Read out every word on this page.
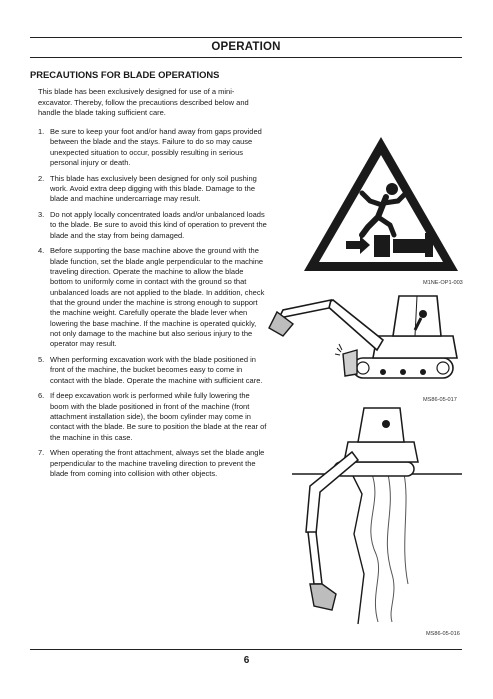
OPERATION
PRECAUTIONS FOR BLADE OPERATIONS
This blade has been exclusively designed for use of a mini-excavator. Thereby, follow the precautions described below and handle the blade taking sufficient care.
1. Be sure to keep your foot and/or hand away from gaps provided between the blade and the stays. Failure to do so may cause unexpected situation to occur, possibly resulting in serious personal injury or death.
2. This blade has exclusively been designed for only soil pushing work. Avoid extra deep digging with this blade. Damage to the blade and machine undercarriage may result.
3. Do not apply locally concentrated loads and/or unbalanced loads to the blade. Be sure to avoid this kind of operation to prevent the blade and the stay from being damaged.
4. Before supporting the base machine above the ground with the blade function, set the blade angle perpendicular to the machine traveling direction. Operate the machine to allow the blade bottom to uniformly come in contact with the ground so that unbalanced loads are not applied to the blade. In addition, check that the ground under the machine is strong enough to support the machine weight. Carefully operate the blade lever when lowering the base machine. If the machine is operated quickly, not only damage to the machine but also serious injury to the operator may result.
5. When performing excavation work with the blade positioned in front of the machine, the bucket becomes easy to come in contact with the blade. Operate the machine with sufficient care.
6. If deep excavation work is performed while fully lowering the boom with the blade positioned in front of the machine (front attachment installation side), the boom cylinder may come in contact with the blade. Be sure to position the blade at the rear of the machine in this case.
7. When operating the front attachment, always set the blade angle perpendicular to the machine traveling direction to prevent the blade from coming into collision with other objects.
M1NE-OP1-003
MS86-05-017
MS86-05-016
6
